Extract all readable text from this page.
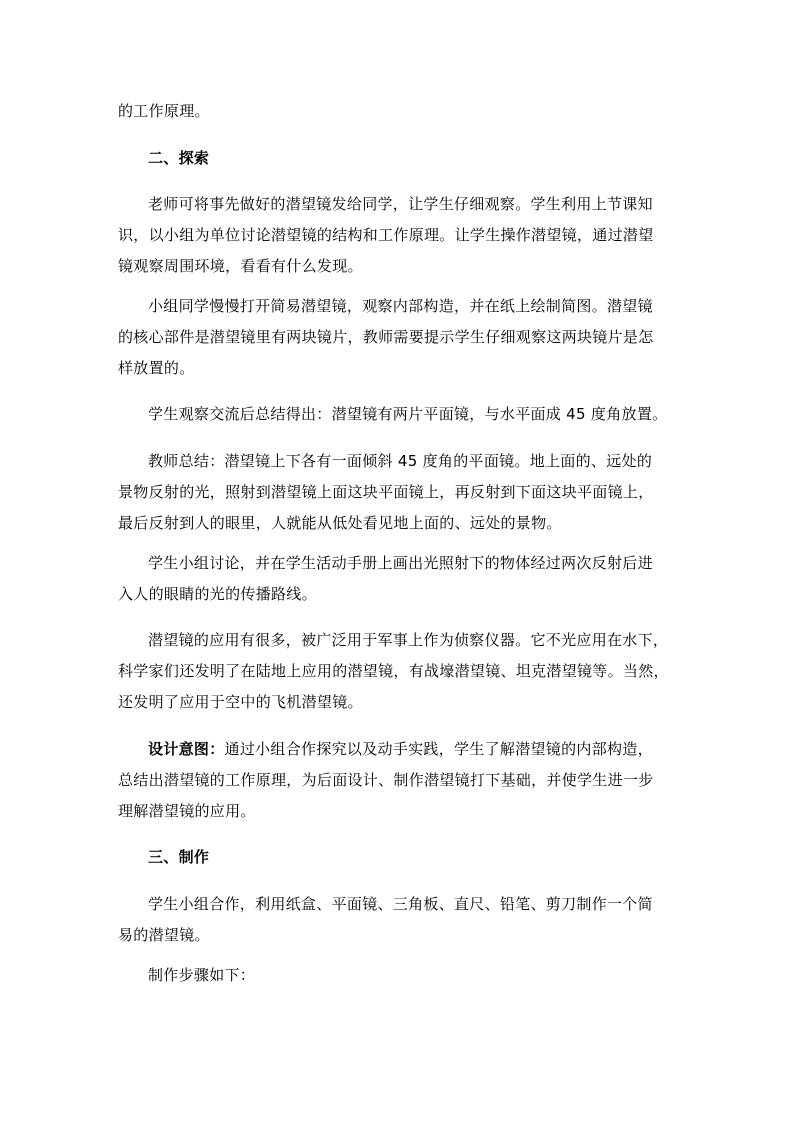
的工作原理。
二、探索
老师可将事先做好的潜望镜发给同学，让学生仔细观察。学生利用上节课知
识，以小组为单位讨论潜望镜的结构和工作原理。让学生操作潜望镜，通过潜望
镜观察周围环境，看看有什么发现。
小组同学慢慢打开简易潜望镜，观察内部构造，并在纸上绘制简图。潜望镜
的核心部件是潜望镜里有两块镜片，教师需要提示学生仔细观察这两块镜片是怎
样放置的。
学生观察交流后总结得出：潜望镜有两片平面镜，与水平面成 45 度角放置。
教师总结：潜望镜上下各有一面倾斜 45 度角的平面镜。地上面的、远处的
景物反射的光，照射到潜望镜上面这块平面镜上，再反射到下面这块平面镜上，
最后反射到人的眼里，人就能从低处看见地上面的、远处的景物。
学生小组讨论，并在学生活动手册上画出光照射下的物体经过两次反射后进
入人的眼睛的光的传播路线。
潜望镜的应用有很多，被广泛用于军事上作为侦察仪器。它不光应用在水下，
科学家们还发明了在陆地上应用的潜望镜，有战壕潜望镜、坦克潜望镜等。当然，
还发明了应用于空中的飞机潜望镜。
设计意图：通过小组合作探究以及动手实践，学生了解潜望镜的内部构造，
总结出潜望镜的工作原理，为后面设计、制作潜望镜打下基础，并使学生进一步
理解潜望镜的应用。
三、制作
学生小组合作，利用纸盒、平面镜、三角板、直尺、铅笔、剪刀制作一个简
易的潜望镜。
制作步骤如下：
